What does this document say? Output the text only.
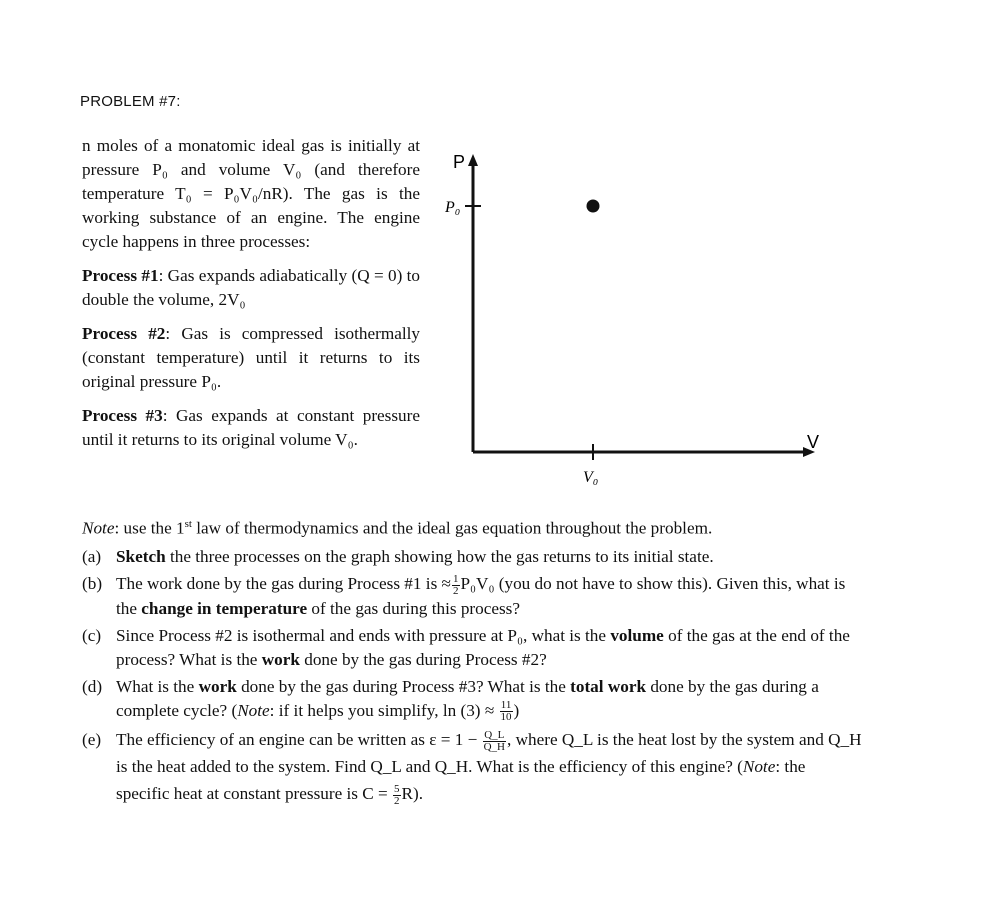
PROBLEM #7:

n moles of a monatomic ideal gas is initially at pressure P₀ and volume V₀ (and therefore temperature T₀ = P₀V₀/nR). The gas is the working substance of an engine. The engine cycle happens in three processes:

Process #1: Gas expands adiabatically (Q = 0) to double the volume, 2V₀

Process #2: Gas is compressed isothermally (constant temperature) until it returns to its original pressure P₀.

Process #3: Gas expands at constant pressure until it returns to its original volume V₀.

P
V
P₀
V₀

Note: use the 1st law of thermodynamics and the ideal gas equation throughout the problem.

(a) Sketch the three processes on the graph showing how the gas returns to its initial state.

(b) The work done by the gas during Process #1 is ≈ $\frac{1}{2} P_0V_0$ (you do not have to show this). Given this, what is the change in temperature of the gas during this process?

(c) Since Process #2 is isothermal and ends with pressure at P₀, what is the volume of the gas at the end of the process? What is the work done by the gas during Process #2?

(d) What is the work done by the gas during Process #3? What is the total work done by the gas during a complete cycle? (Note: if it helps you simplify, $\ln (3) \approx \frac{11}{10}$ )

(e) The efficiency of an engine can be written as $\varepsilon = 1 - \frac{Q\_L}{Q\_H}$ , where Q_L is the heat lost by the system and Q_H is the heat added to the system. Find Q_L and Q_H. What is the efficiency of this engine? (Note: the specific heat at constant pressure is $C = \frac{5}{2} R$).
